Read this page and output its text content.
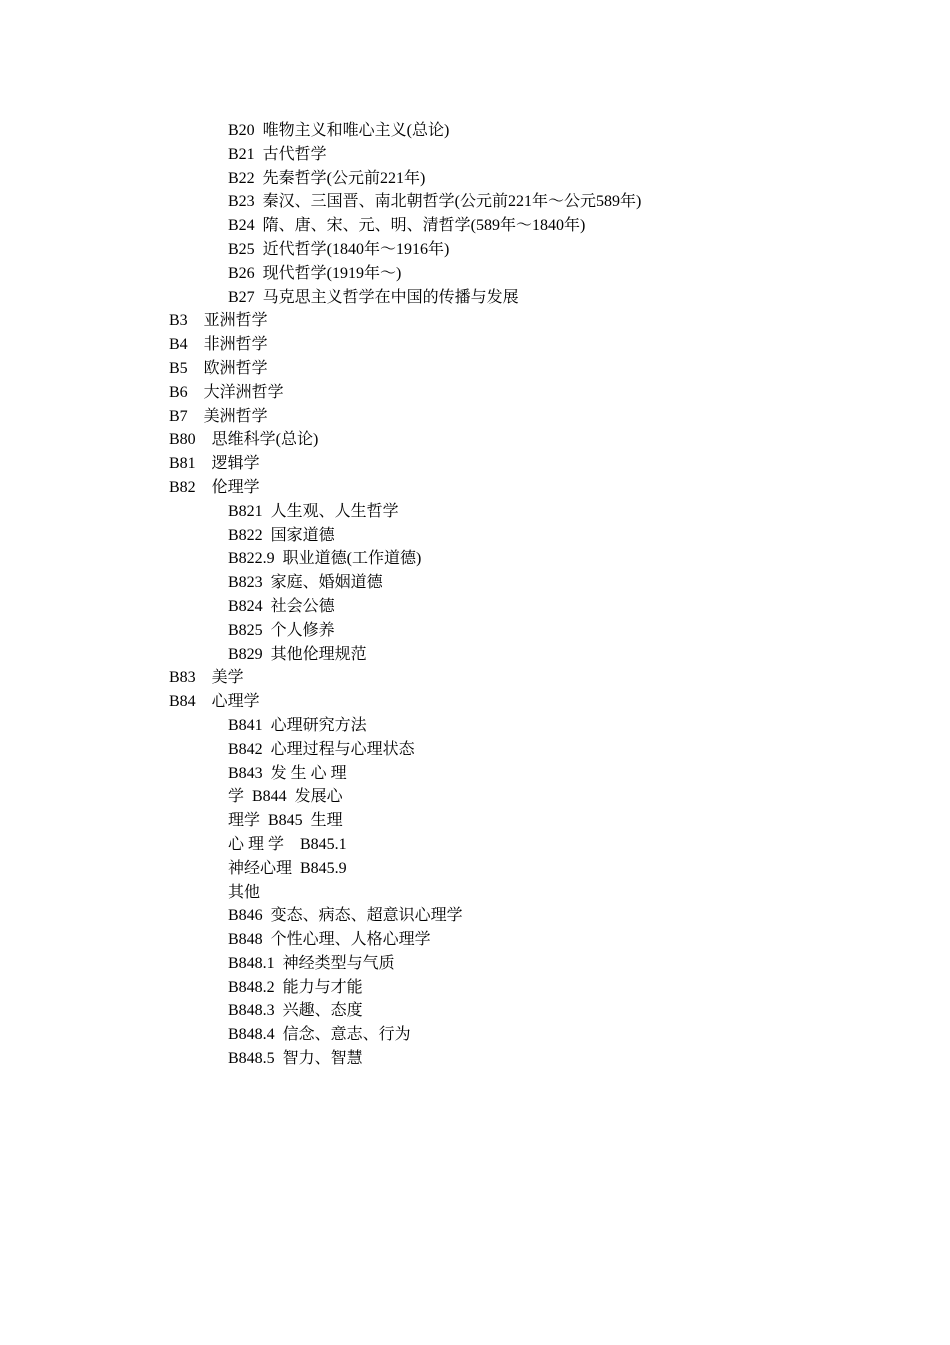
B20  唯物主义和唯心主义(总论)
B21  古代哲学
B22  先秦哲学(公元前221年)
B23  秦汉、三国晋、南北朝哲学(公元前221年～公元589年)
B24  隋、唐、宋、元、明、清哲学(589年～1840年)
B25  近代哲学(1840年～1916年)
B26  现代哲学(1919年～)
B27  马克思主义哲学在中国的传播与发展
B3    亚洲哲学
B4    非洲哲学
B5    欧洲哲学
B6    大洋洲哲学
B7    美洲哲学
B80    思维科学(总论)
B81    逻辑学
B82    伦理学
B821  人生观、人生哲学
B822  国家道德
B822.9  职业道德(工作道德)
B823  家庭、婚姻道德
B824  社会公德
B825  个人修养
B829  其他伦理规范
B83    美学
B84    心理学
B841  心理研究方法
B842  心理过程与心理状态
B843  发 生 心 理
学  B844  发展心
理学  B845  生理
心 理 学    B845.1
神经心理  B845.9
其他
B846  变态、病态、超意识心理学
B848  个性心理、人格心理学
B848.1  神经类型与气质
B848.2  能力与才能
B848.3  兴趣、态度
B848.4  信念、意志、行为
B848.5  智力、智慧
